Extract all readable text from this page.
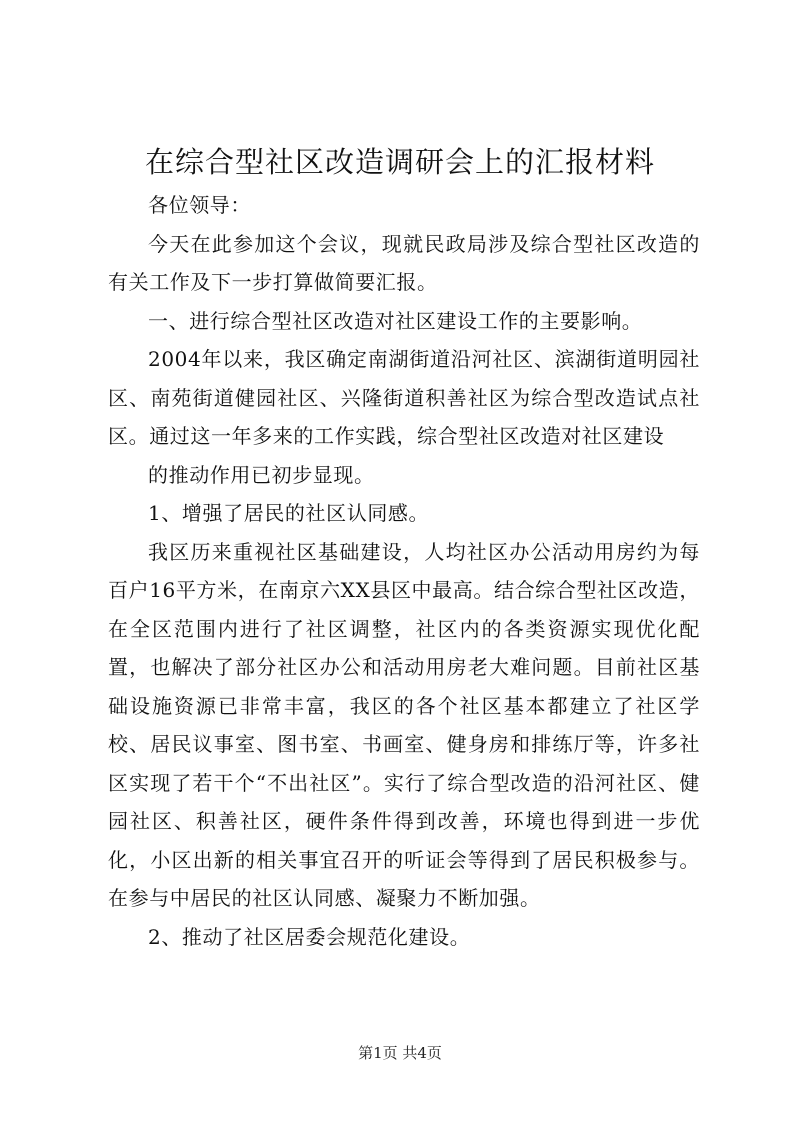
在综合型社区改造调研会上的汇报材料

各位领导：

今天在此参加这个会议，现就民政局涉及综合型社区改造的有关工作及下一步打算做简要汇报。

一、进行综合型社区改造对社区建设工作的主要影响。

2004年以来，我区确定南湖街道沿河社区、滨湖街道明园社区、南苑街道健园社区、兴隆街道积善社区为综合型改造试点社区。通过这一年多来的工作实践，综合型社区改造对社区建设

的推动作用已初步显现。

1、增强了居民的社区认同感。

我区历来重视社区基础建设，人均社区办公活动用房约为每百户16平方米，在南京六XX县区中最高。结合综合型社区改造，在全区范围内进行了社区调整，社区内的各类资源实现优化配置，也解决了部分社区办公和活动用房老大难问题。目前社区基础设施资源已非常丰富，我区的各个社区基本都建立了社区学校、居民议事室、图书室、书画室、健身房和排练厅等，许多社区实现了若干个“不出社区”。实行了综合型改造的沿河社区、健园社区、积善社区，硬件条件得到改善，环境也得到进一步优化，小区出新的相关事宜召开的听证会等得到了居民积极参与。在参与中居民的社区认同感、凝聚力不断加强。

2、推动了社区居委会规范化建设。

第1页 共4页
